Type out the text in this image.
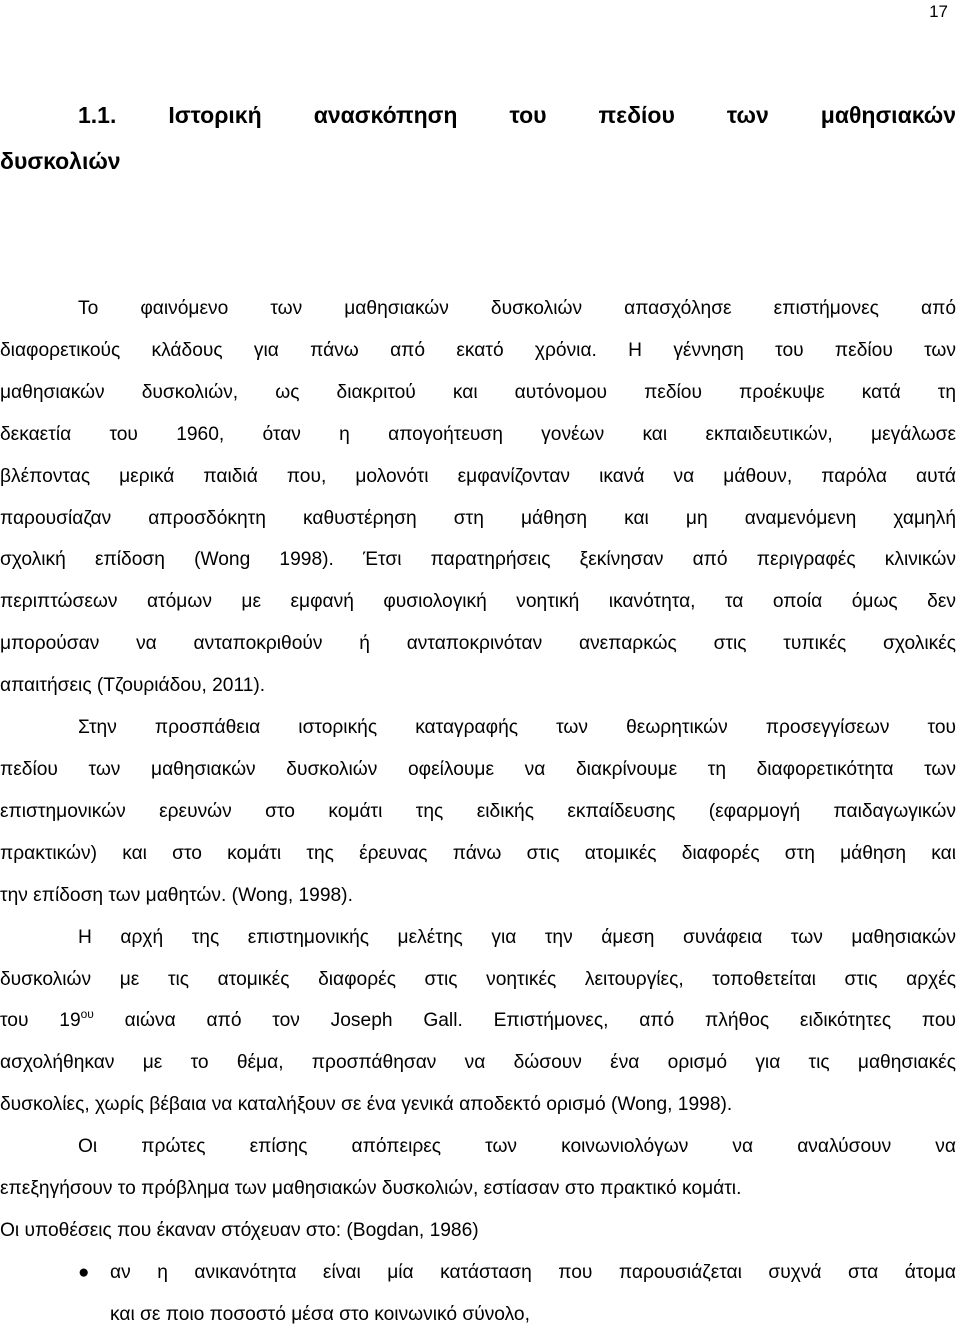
17
1.1. Ιστορική ανασκόπηση του πεδίου των μαθησιακών
δυσκολιών
Το φαινόμενο των μαθησιακών δυσκολιών απασχόλησε επιστήμονες από
διαφορετικούς κλάδους για πάνω από εκατό χρόνια. Η γέννηση του πεδίου των
μαθησιακών δυσκολιών, ως διακριτού και αυτόνομου πεδίου προέκυψε κατά τη
δεκαετία του 1960, όταν η απογοήτευση γονέων και εκπαιδευτικών, μεγάλωσε
βλέποντας μερικά παιδιά που, μολονότι εμφανίζονταν ικανά να μάθουν, παρόλα αυτά
παρουσίαζαν απροσδόκητη καθυστέρηση στη μάθηση και μη αναμενόμενη χαμηλή
σχολική επίδοση (Wong 1998). Έτσι παρατηρήσεις ξεκίνησαν από περιγραφές κλινικών
περιπτώσεων ατόμων με εμφανή φυσιολογική νοητική ικανότητα, τα οποία όμως δεν
μπορούσαν να ανταποκριθούν ή ανταποκρινόταν ανεπαρκώς στις τυπικές σχολικές
απαιτήσεις (Τζουριάδου, 2011).
Στην προσπάθεια ιστορικής καταγραφής των θεωρητικών προσεγγίσεων του
πεδίου των μαθησιακών δυσκολιών οφείλουμε να διακρίνουμε τη διαφορετικότητα των
επιστημονικών ερευνών στο κομάτι της ειδικής εκπαίδευσης (εφαρμογή παιδαγωγικών
πρακτικών) και στο κομάτι της έρευνας πάνω στις ατομικές διαφορές στη μάθηση και
την επίδοση των μαθητών. (Wong, 1998).
Η αρχή της επιστημονικής μελέτης για την άμεση συνάφεια των μαθησιακών
δυσκολιών με τις ατομικές διαφορές στις νοητικές λειτουργίες, τοποθετείται στις αρχές
του $19^{o\upsilon}$ αιώνα από τον Joseph Gall. Επιστήμονες, από πλήθος ειδικότητες που
ασχολήθηκαν με το θέμα, προσπάθησαν να δώσουν ένα ορισμό για τις μαθησιακές
δυσκολίες, χωρίς βέβαια να καταλήξουν σε ένα γενικά αποδεκτό ορισμό (Wong, 1998).
Οι πρώτες επίσης απόπειρες των κοινωνιολόγων να αναλύσουν να
επεξηγήσουν το πρόβλημα των μαθησιακών δυσκολιών, εστίασαν στο πρακτικό κομάτι.
Οι υποθέσεις που έκαναν στόχευαν στο: (Bogdan, 1986)
●	αν η ανικανότητα είναι μία κατάσταση που παρουσιάζεται συχνά στα άτομα
και σε ποιο ποσοστό μέσα στο κοινωνικό σύνολο,
